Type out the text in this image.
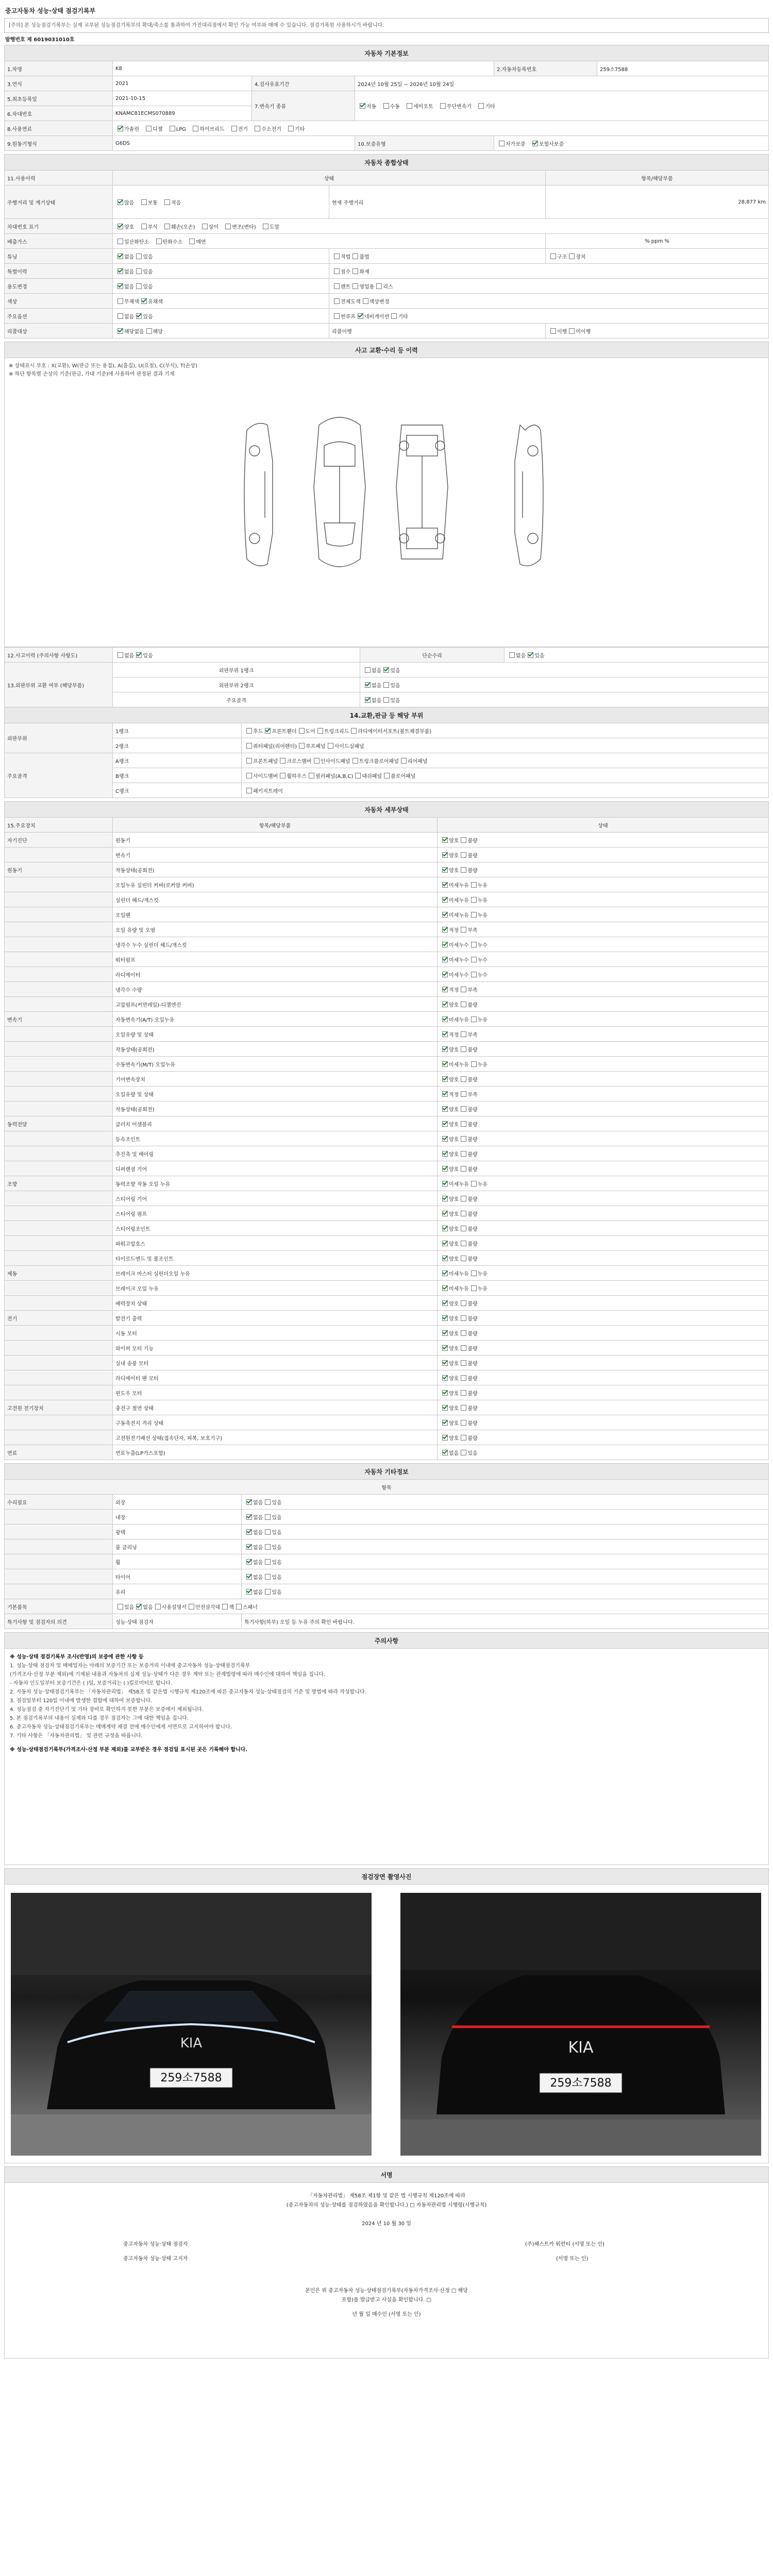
중고자동차 성능·상태 점검기록부
[주의] 본 성능점검기록부는 실제 교부된 성능점검기록부의 확대/축소를 통과하여 가전대리점에서 확인 가능 여부와 매매 수 있습니다. 점검기록원 사용하시기 바랍니다.
발행번호 제 6019031010호
자동차 기본정보					
1.차명	K8			2.자동차등록번호	259소7588
3.연식	2021	4.검사유효기간	2024년 10월 25일 ~ 2026년 10월 24일		
5.최초등록일	2021-10-15	7.변속기 종류	자동 수동 세미오토 무단변속기 기타		
6.차대번호	KNAMC81ECMS070889				
8.사용연료	가솔린 디젤 LPG 하이브리드 전기 수소전기 기타				
9.원동기형식	G6DS		10.보증유형	자가보증 보험사보증	
자동차 종합상태			
11.사용이력	상태		항목/해당부품
주행거리 및 계기상태	많음 보통 적음	현재 주행거리	28,877 km
차대번호 표기	양호 부식 훼손(오손) 상이 변조(변타) 도말		
배출가스	일산화탄소 탄화수소 매연		% ppm %
튜닝	없음 있음	적법 불법	구조 장치
특별이력	없음 있음	침수 화재	
용도변경	없음 있음	렌트 영업용 리스	
색상	무채색 유채색	전체도색 색상변경	
주요옵션	없음 있음	썬루프 네비게이션 기타	
리콜대상	해당없음 해당	리콜이행	이행 미이행
사고 교환·수리 등 이력
※ 상태표시 부호 : X(교환), W(판금 또는 용접), A(흠집), U(요철), C(부식), T(손상)
※ 하단 항목별 손상의 기준(판금, 가대 기준)에 사용하여 판정된 결과 기재
12.사고이력 (주의사항 사항도)	없음 있음		단순수리	없음 있음
13.외판부위 교환 여부 (해당부품)	외판부위 1랭크		없음 있음	
	외판부위 2랭크		없음 있음	
	주요골격		없음 있음	
14.교환,판금 등 해당 부위				
외판부위	1랭크	후드 프론트휀더 도어 트렁크리드 라디에이터서포트(볼트체결부품)		
	2랭크	쿼터패널(리어펜더) 루프패널 사이드실패널		
주요골격	A랭크	프론트패널 크로스멤버 인사이드패널 트렁크플로어패널 리어패널		
	B랭크	사이드멤버 휠하우스 필러패널(A,B,C) 대쉬패널 플로어패널		
	C랭크	패키지트레이		
자동차 세부상태		
15.주요장치	항목/해당부품	상태
자기진단	원동기	양호 불량
	변속기	양호 불량
원동기	작동상태(공회전)	양호 불량
	오일누유 실린더 커버(로커암 커버)	미세누유 누유
	실린더 헤드/개스킷	미세누유 누유
	오일팬	미세누유 누유
	오일 유량 및 오염	적정 부족
	냉각수 누수 실린더 헤드/개스킷	미세누수 누수
	워터펌프	미세누수 누수
	라디에이터	미세누수 누수
	냉각수 수량	적정 부족
	고압펌프(커먼레일)-디젤엔진	양호 불량
변속기	자동변속기(A/T) 오일누유	미세누유 누유
	오일유량 및 상태	적정 부족
	작동상태(공회전)	양호 불량
	수동변속기(M/T) 오일누유	미세누유 누유
	기어변속장치	양호 불량
	오일유량 및 상태	적정 부족
	작동상태(공회전)	양호 불량
동력전달	클러치 어셈블리	양호 불량
	등속조인트	양호 불량
	추진축 및 베어링	양호 불량
	디퍼렌셜 기어	양호 불량
조향	동력조향 작동 오일 누유	미세누유 누유
	스티어링 기어	양호 불량
	스티어링 펌프	양호 불량
	스티어링조인트	양호 불량
	파워고압호스	양호 불량
	타이로드엔드 및 볼조인트	양호 불량
제동	브레이크 마스터 실린더오일 누유	미세누유 누유
	브레이크 오일 누유	미세누유 누유
	배력장치 상태	양호 불량
전기	발전기 출력	양호 불량
	시동 모터	양호 불량
	와이퍼 모터 기능	양호 불량
	실내 송풍 모터	양호 불량
	라디에이터 팬 모터	양호 불량
	윈도우 모터	양호 불량
고전원 전기장치	충전구 절연 상태	양호 불량
	구동축전지 격리 상태	양호 불량
	고전원전기배선 상태(접속단자, 피복, 보호기구)	양호 불량
연료	연료누출(LP가스포함)	없음 있음
자동차 기타정보		
항목		
수리필요	외장	없음 있음
	내장	없음 있음
	광택	없음 있음
	룸 클리닝	없음 있음
	휠	없음 있음
	타이어	없음 있음
	유리	없음 있음
기본품목	있음 없음 사용설명서 안전삼각대 잭 스패너	
특기사항 및 점검자의 의견	성능·상태 점검자	특기사항(하부) 오일 등 누유 주의 확인 바랍니다.
주의사항
※ 성능·상태 점검기록부 조사(반영)의 보증에 관한 사항 등
1. 성능·상태 점검자 및 매매업자는 아래의 보증기간 또는 보증거리 이내에 중고자동차 성능·상태점검기록부
(가격조사·산정 부분 제외)에 기재된 내용과 자동차의 실제 성능·상태가 다른 경우 계약 또는 관계법령에 따라 매수인에 대하여 책임을 집니다.
- 자동차 인도일부터 보증기간은 ( )일, 보증거리는 ( )킬로미터로 합니다.
2. 자동차 성능·상태점검기록부는 「자동차관리법」 제58조 및 같은법 시행규칙 제120조에 따른 중고자동차 성능·상태점검의 기준 및 방법에 따라 작성합니다.
3. 점검일부터 120일 이내에 발생한 결함에 대하여 보증합니다.
4. 성능점검 중 자기진단기 및 기타 장비로 확인하지 못한 부분은 보증에서 제외됩니다.
5. 본 점검기록부의 내용이 실제와 다를 경우 점검자는 그에 대한 책임을 집니다.
6. 중고자동차 성능·상태점검기록부는 매매계약 체결 전에 매수인에게 서면으로 고지하여야 합니다.
7. 기타 사항은 「자동차관리법」 및 관련 규정을 따릅니다.
※ 성능·상태점검기록부(가격조사·산정 부분 제외)를 교부받은 경우 점검일 표시된 곳은 기록해야 합니다.
점검장면 촬영사진
259소7588
KIA	KIA
259소7588
서명
「자동차관리법」 제58조 제1항 및 같은 법 시행규칙 제120조에 따라
(중고자동차의 성능·상태를 점검하였음을 확인합니다.) □ 자동차관리법 시행령(시행규칙)
2024 년 10 월 30 일
중고자동차 성능·상태 점검자	(주)헤스트카 워런티 (서명 또는 인)
중고자동차 성능·상태 고지자	(서명 또는 인)
본인은 위 중고자동차 성능·상태점검기록부(자동차가격조사·산정 □ 해당
포함)를 발급받고 사실을 확인합니다. □
년 월 일 매수인 (서명 또는 인)
